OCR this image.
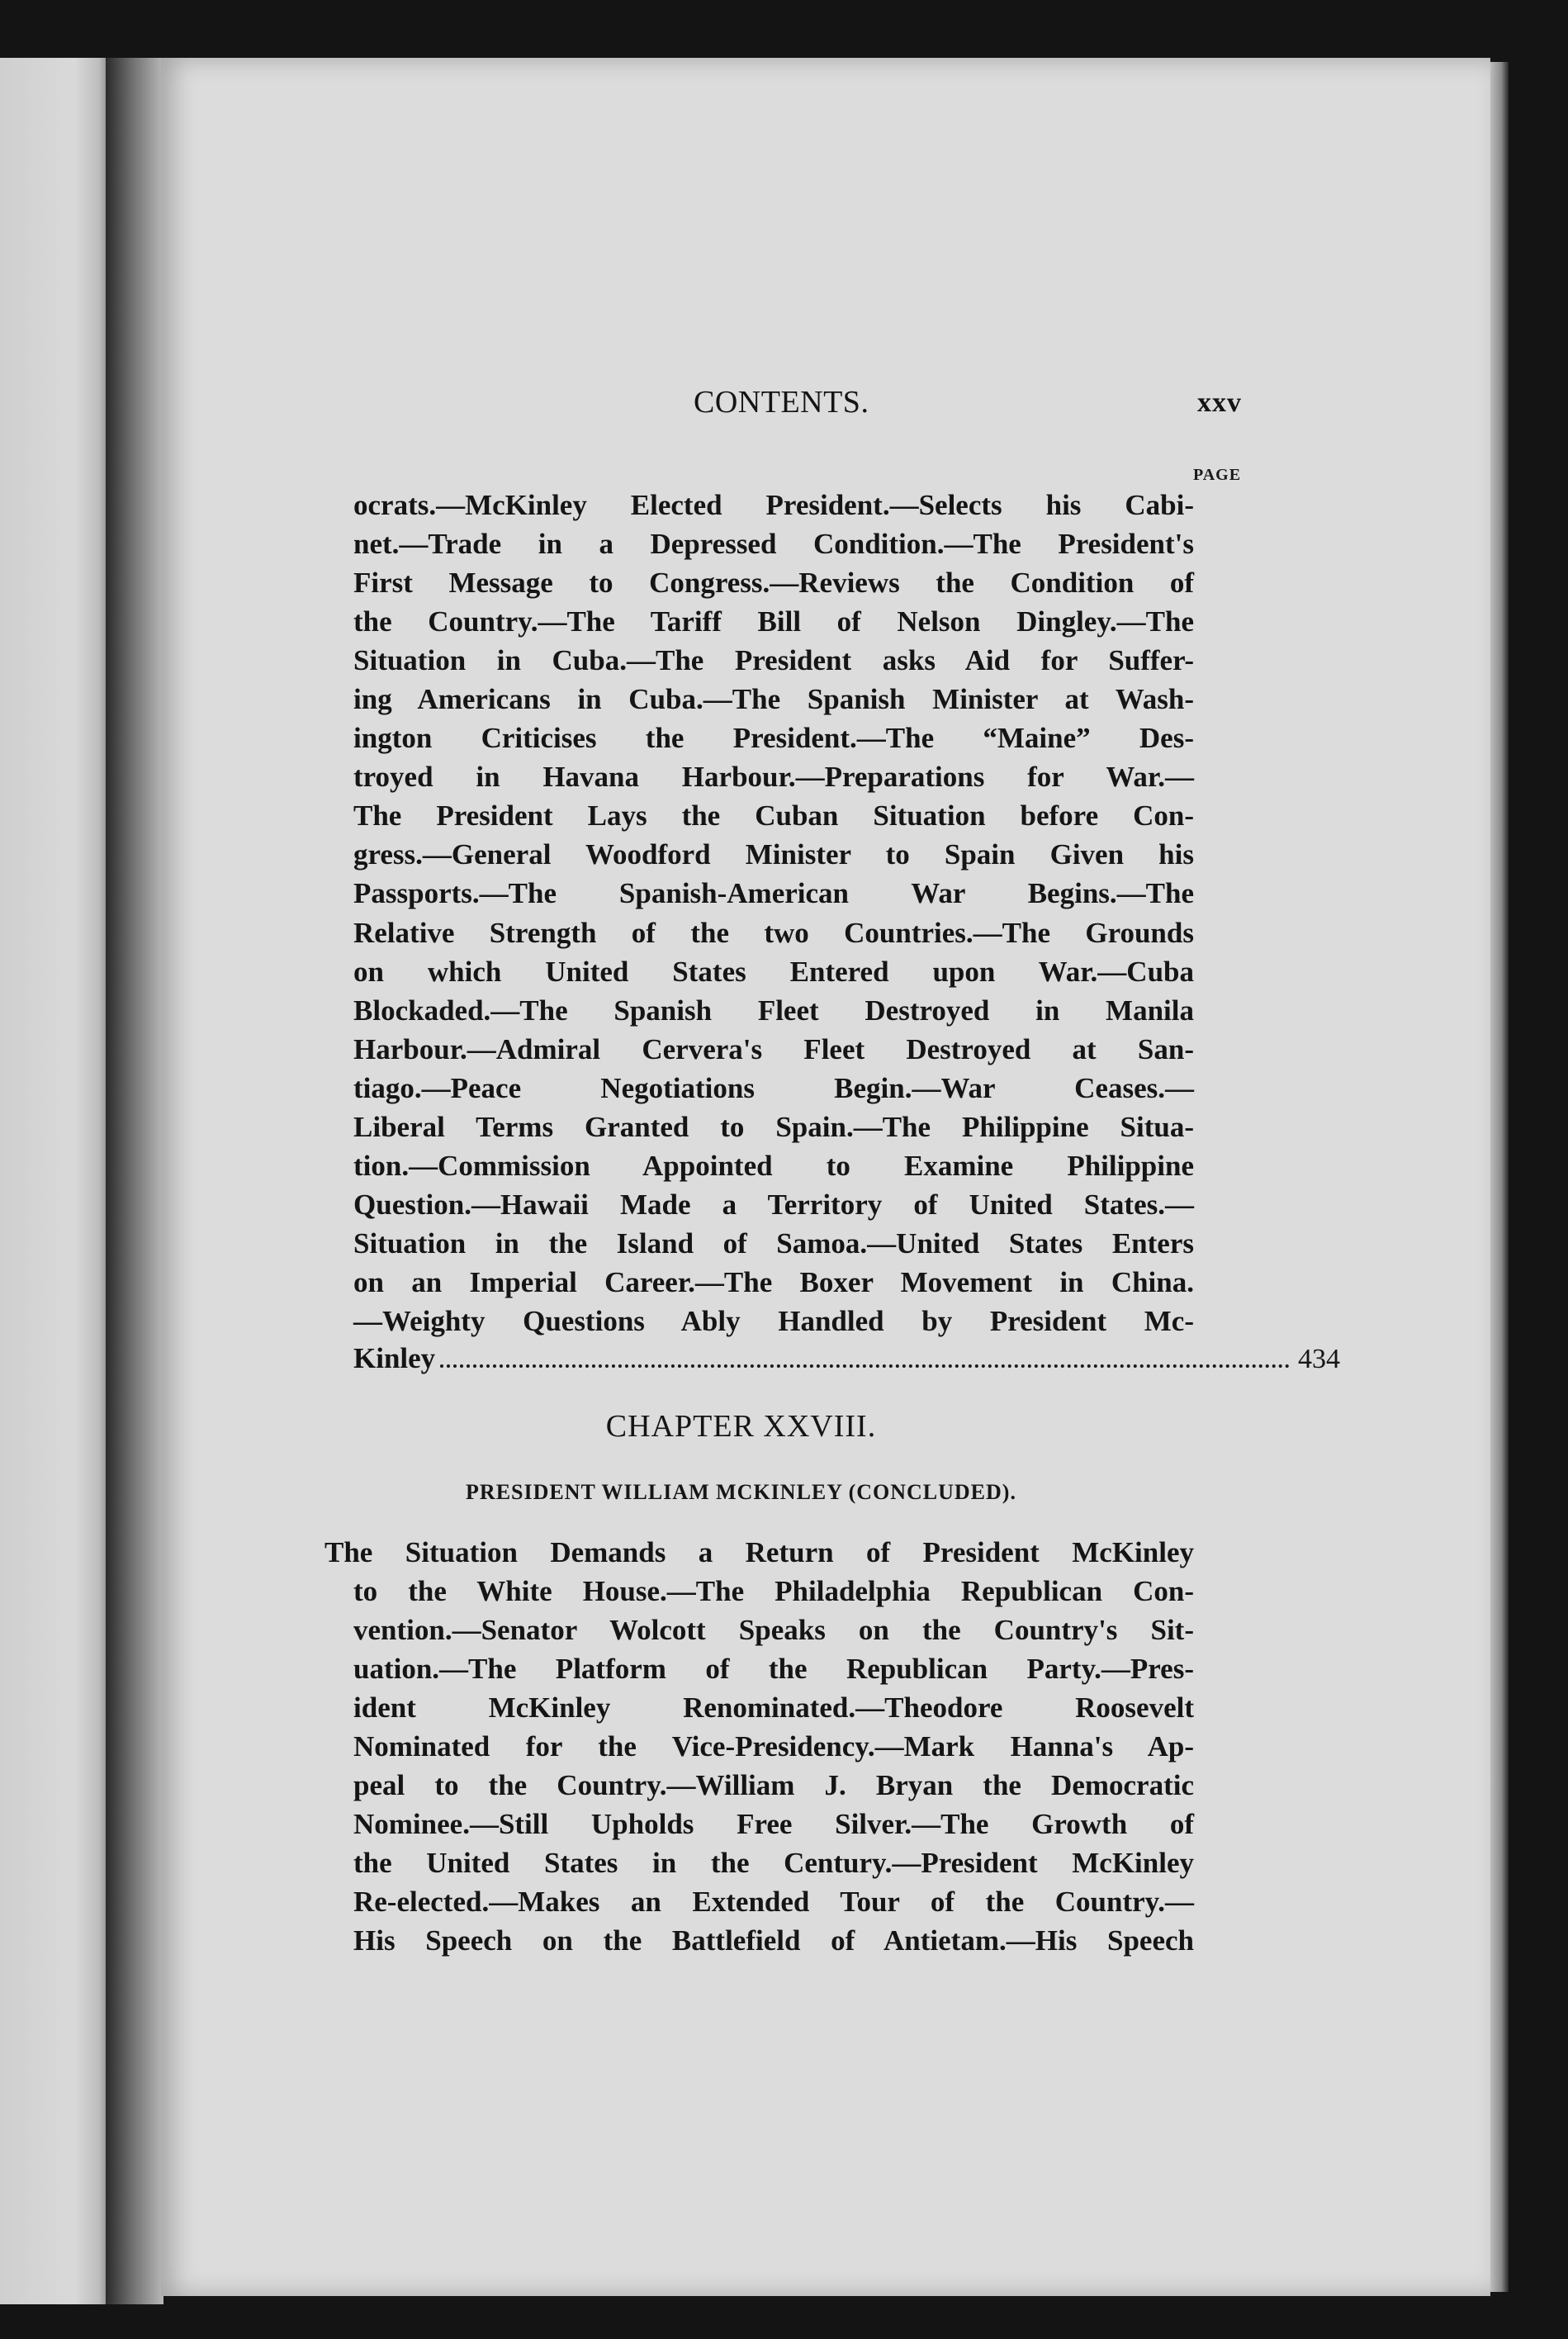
CONTENTS.	xxv
PAGE
ocrats.—McKinley Elected President.—Selects his Cabi-
net.—Trade in a Depressed Condition.—The President's
First Message to Congress.—Reviews the Condition of
the Country.—The Tariff Bill of Nelson Dingley.—The
Situation in Cuba.—The President asks Aid for Suffer-
ing Americans in Cuba.—The Spanish Minister at Wash-
ington Criticises the President.—The “Maine” Des-
troyed in Havana Harbour.—Preparations for War.—
The President Lays the Cuban Situation before Con-
gress.—General Woodford Minister to Spain Given his
Passports.—The Spanish-American War Begins.—The
Relative Strength of the two Countries.—The Grounds
on which United States Entered upon War.—Cuba
Blockaded.—The Spanish Fleet Destroyed in Manila
Harbour.—Admiral Cervera's Fleet Destroyed at San-
tiago.—Peace Negotiations Begin.—War Ceases.—
Liberal Terms Granted to Spain.—The Philippine Situa-
tion.—Commission Appointed to Examine Philippine
Question.—Hawaii Made a Territory of United States.—
Situation in the Island of Samoa.—United States Enters
on an Imperial Career.—The Boxer Movement in China.
—Weighty Questions Ably Handled by President Mc-
Kinley	434
CHAPTER XXVIII.
PRESIDENT WILLIAM MCKINLEY (CONCLUDED).
The Situation Demands a Return of President McKinley
to the White House.—The Philadelphia Republican Con-
vention.—Senator Wolcott Speaks on the Country's Sit-
uation.—The Platform of the Republican Party.—Pres-
ident McKinley Renominated.—Theodore Roosevelt
Nominated for the Vice-Presidency.—Mark Hanna's Ap-
peal to the Country.—William J. Bryan the Democratic
Nominee.—Still Upholds Free Silver.—The Growth of
the United States in the Century.—President McKinley
Re-elected.—Makes an Extended Tour of the Country.—
His Speech on the Battlefield of Antietam.—His Speech
